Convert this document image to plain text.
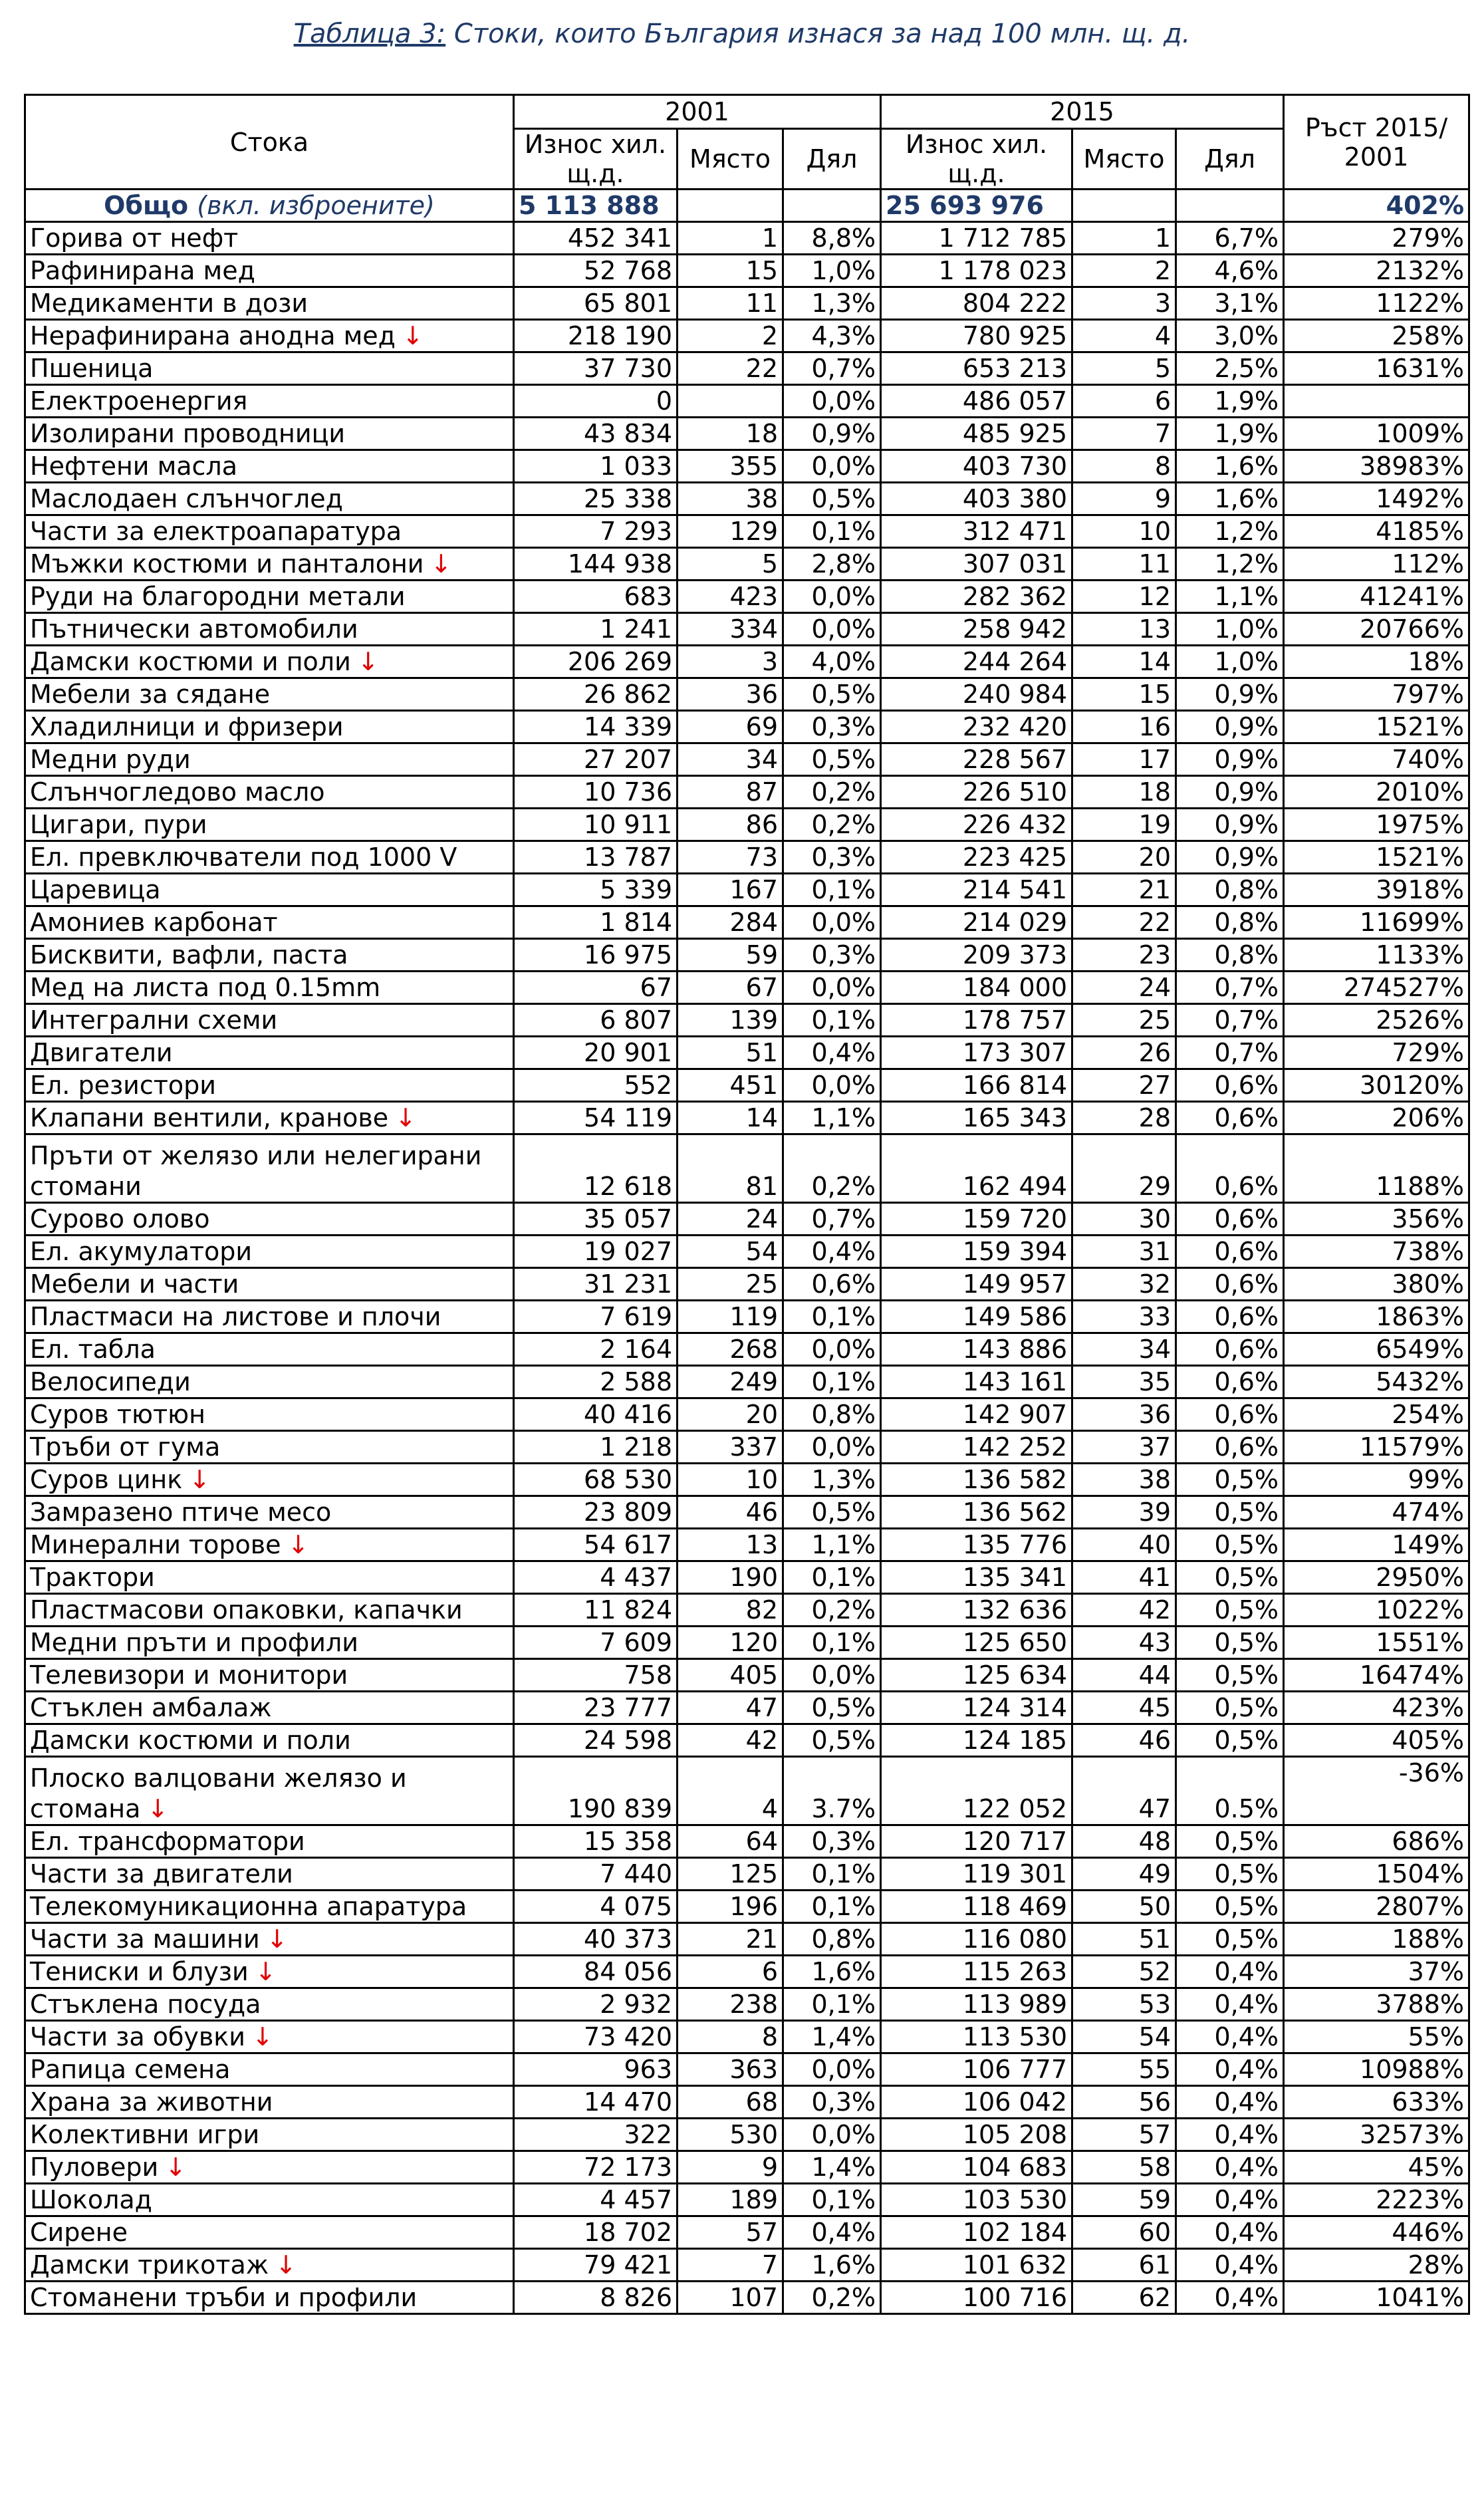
Таблица 3: Стоки, които България изнася за над 100 млн. щ. д.
Стока	2001			2015			Ръст 2015/ 2001
	Износ хил. щ.д.	Място	Дял	Износ хил. щ.д.	Място	Дял	
Общо (вкл. изброените)	5 113 888			25 693 976			402%
Горива от нефт	452 341	1	8,8%	1 712 785	1	6,7%	279%
Рафинирана мед	52 768	15	1,0%	1 178 023	2	4,6%	2132%
Медикаменти в дози	65 801	11	1,3%	804 222	3	3,1%	1122%
Нерафинирана анодна мед ↓	218 190	2	4,3%	780 925	4	3,0%	258%
Пшеница	37 730	22	0,7%	653 213	5	2,5%	1631%
Електроенергия	0		0,0%	486 057	6	1,9%	
Изолирани проводници	43 834	18	0,9%	485 925	7	1,9%	1009%
Нефтени масла	1 033	355	0,0%	403 730	8	1,6%	38983%
Маслодаен слънчоглед	25 338	38	0,5%	403 380	9	1,6%	1492%
Части за електроапаратура	7 293	129	0,1%	312 471	10	1,2%	4185%
Мъжки костюми и панталони ↓	144 938	5	2,8%	307 031	11	1,2%	112%
Руди на благородни метали	683	423	0,0%	282 362	12	1,1%	41241%
Пътнически автомобили	1 241	334	0,0%	258 942	13	1,0%	20766%
Дамски костюми и поли ↓	206 269	3	4,0%	244 264	14	1,0%	18%
Мебели за сядане	26 862	36	0,5%	240 984	15	0,9%	797%
Хладилници и фризери	14 339	69	0,3%	232 420	16	0,9%	1521%
Медни руди	27 207	34	0,5%	228 567	17	0,9%	740%
Слънчогледово масло	10 736	87	0,2%	226 510	18	0,9%	2010%
Цигари, пури	10 911	86	0,2%	226 432	19	0,9%	1975%
Ел. превключватели под 1000 V	13 787	73	0,3%	223 425	20	0,9%	1521%
Царевица	5 339	167	0,1%	214 541	21	0,8%	3918%
Амониев карбонат	1 814	284	0,0%	214 029	22	0,8%	11699%
Бисквити, вафли, паста	16 975	59	0,3%	209 373	23	0,8%	1133%
Мед на листа под 0.15mm	67	67	0,0%	184 000	24	0,7%	274527%
Интегрални схеми	6 807	139	0,1%	178 757	25	0,7%	2526%
Двигатели	20 901	51	0,4%	173 307	26	0,7%	729%
Ел. резистори	552	451	0,0%	166 814	27	0,6%	30120%
Клапани вентили, кранове ↓	54 119	14	1,1%	165 343	28	0,6%	206%
Пръти от желязо или нелегирани стомани	12 618	81	0,2%	162 494	29	0,6%	1188%
Сурово олово	35 057	24	0,7%	159 720	30	0,6%	356%
Ел. акумулатори	19 027	54	0,4%	159 394	31	0,6%	738%
Мебели и части	31 231	25	0,6%	149 957	32	0,6%	380%
Пластмаси на листове и плочи	7 619	119	0,1%	149 586	33	0,6%	1863%
Ел. табла	2 164	268	0,0%	143 886	34	0,6%	6549%
Велосипеди	2 588	249	0,1%	143 161	35	0,6%	5432%
Суров тютюн	40 416	20	0,8%	142 907	36	0,6%	254%
Тръби от гума	1 218	337	0,0%	142 252	37	0,6%	11579%
Суров цинк ↓	68 530	10	1,3%	136 582	38	0,5%	99%
Замразено птиче месо	23 809	46	0,5%	136 562	39	0,5%	474%
Минерални торове ↓	54 617	13	1,1%	135 776	40	0,5%	149%
Трактори	4 437	190	0,1%	135 341	41	0,5%	2950%
Пластмасови опаковки, капачки	11 824	82	0,2%	132 636	42	0,5%	1022%
Медни пръти и профили	7 609	120	0,1%	125 650	43	0,5%	1551%
Телевизори и монитори	758	405	0,0%	125 634	44	0,5%	16474%
Стъклен амбалаж	23 777	47	0,5%	124 314	45	0,5%	423%
Дамски костюми и поли	24 598	42	0,5%	124 185	46	0,5%	405%
Плоско валцовани желязо и стомана ↓	190 839	4	3.7%	122 052	47	0.5%	-36%
Ел. трансформатори	15 358	64	0,3%	120 717	48	0,5%	686%
Части за двигатели	7 440	125	0,1%	119 301	49	0,5%	1504%
Телекомуникационна апаратура	4 075	196	0,1%	118 469	50	0,5%	2807%
Части за машини ↓	40 373	21	0,8%	116 080	51	0,5%	188%
Тениски и блузи ↓	84 056	6	1,6%	115 263	52	0,4%	37%
Стъклена посуда	2 932	238	0,1%	113 989	53	0,4%	3788%
Части за обувки ↓	73 420	8	1,4%	113 530	54	0,4%	55%
Рапица семена	963	363	0,0%	106 777	55	0,4%	10988%
Храна за животни	14 470	68	0,3%	106 042	56	0,4%	633%
Колективни игри	322	530	0,0%	105 208	57	0,4%	32573%
Пуловери ↓	72 173	9	1,4%	104 683	58	0,4%	45%
Шоколад	4 457	189	0,1%	103 530	59	0,4%	2223%
Сирене	18 702	57	0,4%	102 184	60	0,4%	446%
Дамски трикотаж ↓	79 421	7	1,6%	101 632	61	0,4%	28%
Стоманени тръби и профили	8 826	107	0,2%	100 716	62	0,4%	1041%
